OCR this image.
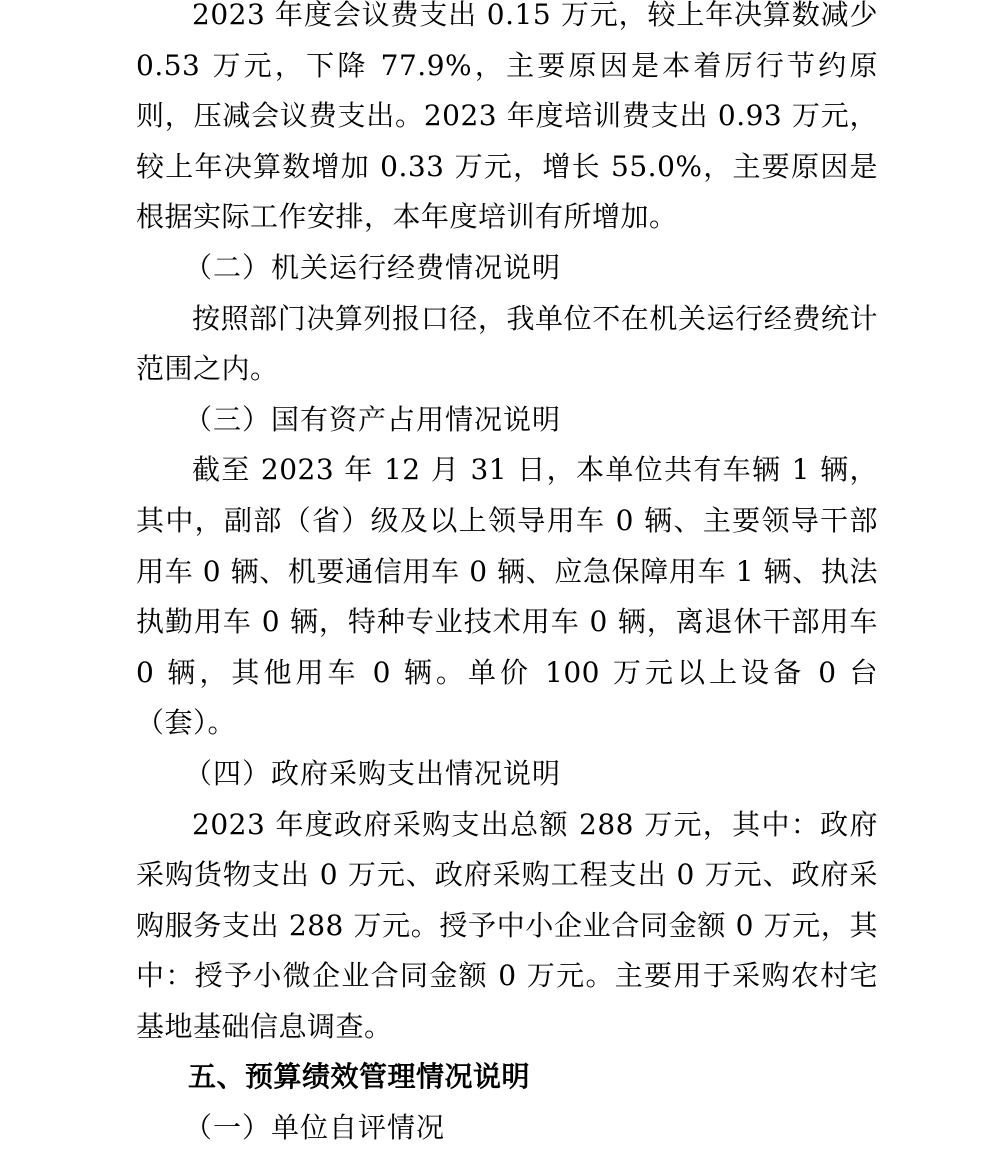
2023 年度会议费支出 0.15 万元，较上年决算数减少 0.53 万元，下降 77.9%，主要原因是本着厉行节约原则，压减会议费支出。2023 年度培训费支出 0.93 万元，较上年决算数增加 0.33 万元，增长 55.0%，主要原因是根据实际工作安排，本年度培训有所增加。

（二）机关运行经费情况说明

按照部门决算列报口径，我单位不在机关运行经费统计范围之内。

（三）国有资产占用情况说明

截至 2023 年 12 月 31 日，本单位共有车辆 1 辆，其中，副部（省）级及以上领导用车 0 辆、主要领导干部用车 0 辆、机要通信用车 0 辆、应急保障用车 1 辆、执法执勤用车 0 辆，特种专业技术用车 0 辆，离退休干部用车 0 辆，其他用车 0 辆。单价 100 万元以上设备 0 台（套）。

（四）政府采购支出情况说明

2023 年度政府采购支出总额 288 万元，其中：政府采购货物支出 0 万元、政府采购工程支出 0 万元、政府采购服务支出 288 万元。授予中小企业合同金额 0 万元，其中：授予小微企业合同金额 0 万元。主要用于采购农村宅基地基础信息调查。

五、预算绩效管理情况说明

（一）单位自评情况
